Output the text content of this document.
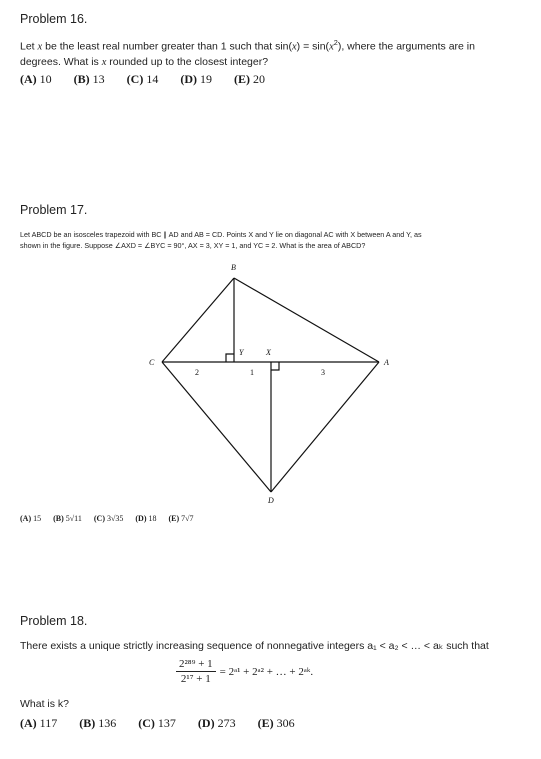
Problem 16.
Let x be the least real number greater than 1 such that $\sin(x) = \sin(x^2)$, where the arguments are in
degrees. What is x rounded up to the closest integer?
(A) 10 (B) 13 (C) 14 (D) 19 (E) 20
Problem 17.
Let ABCD be an isosceles trapezoid with BC ∥ AD and AB = CD. Points X and Y lie on diagonal AC with X between A and Y, as
shown in the figure. Suppose ∠AXD = ∠BYC = 90°, AX = 3, XY = 1, and YC = 2. What is the area of ABCD?
B
C	A
D
Y	X
2	1	3
(A) 15 (B) 5√11 (C) 3√35 (D) 18 (E) 7√7
Problem 18.
There exists a unique strictly increasing sequence of nonnegative integers a₁ < a₂ < … < aₖ such that
$\frac{\text{2²⁸⁹ + 1}}{\text{2¹⁷ + 1}}$ = 2ᵃ¹ + 2ᵃ² + … + 2ᵃᵏ.
What is k?
(A) 117 (B) 136 (C) 137 (D) 273 (E) 306
